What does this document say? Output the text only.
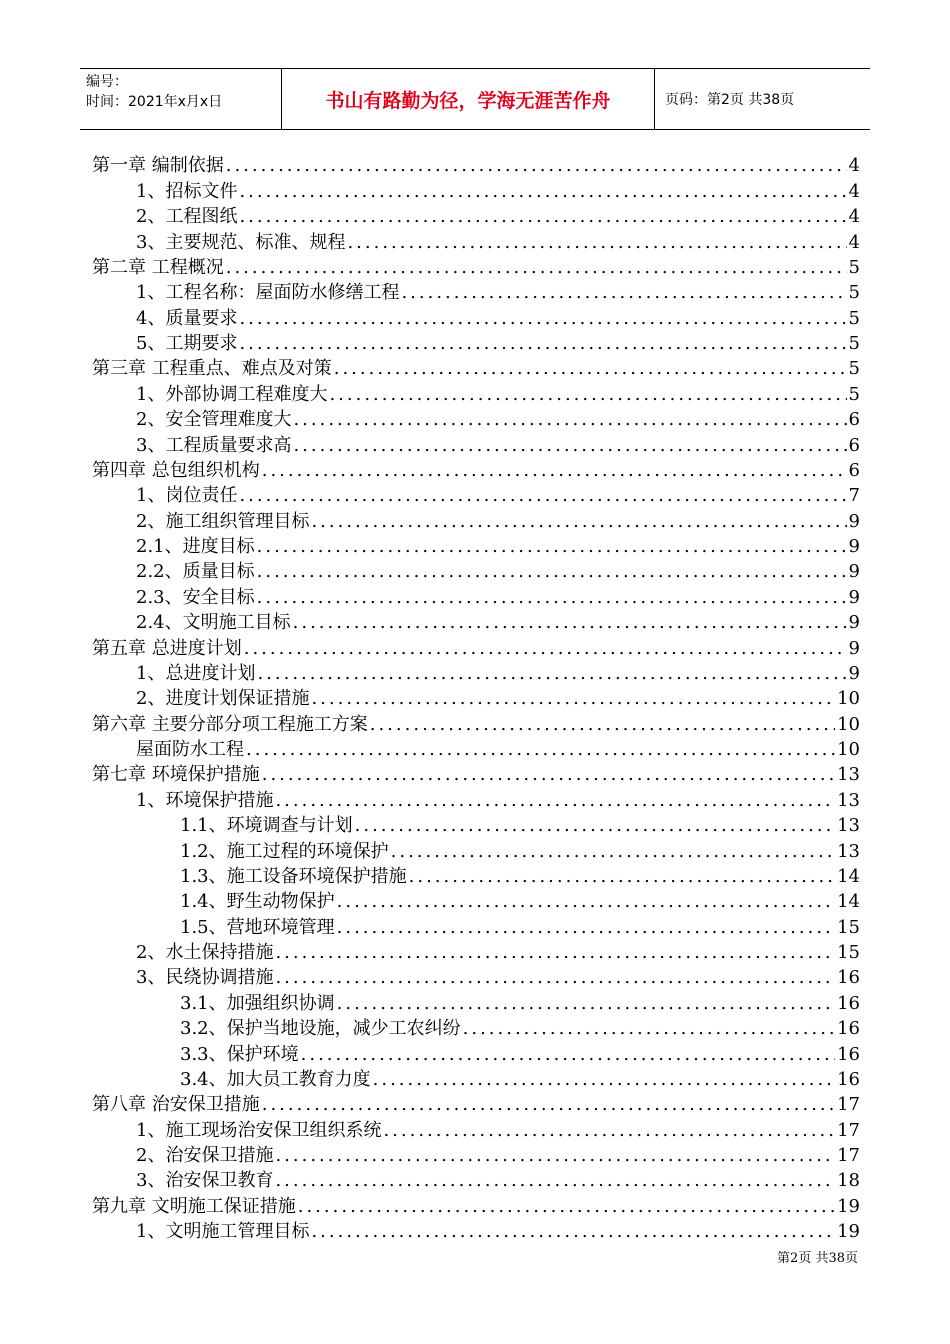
编号：
时间：2021年x月x日	书山有路勤为径，学海无涯苦作舟	页码：第2页 共38页
第一章 编制依据 .....	4
1、招标文件 .....	4
2、工程图纸 .....	4
3、主要规范、标准、规程 .....	4
第二章 工程概况 .....	5
1、工程名称：屋面防水修缮工程 .....	5
4、质量要求 .....	5
5、工期要求 .....	5
第三章 工程重点、难点及对策 .....	5
1、外部协调工程难度大 .....	5
2、安全管理难度大 .....	6
3、工程质量要求高 .....	6
第四章 总包组织机构 .....	6
1、岗位责任 .....	7
2、施工组织管理目标 .....	9
2.1、进度目标 .....	9
2.2、质量目标 .....	9
2.3、安全目标 .....	9
2.4、文明施工目标 .....	9
第五章 总进度计划 .....	9
1、总进度计划 .....	9
2、进度计划保证措施 .....	10
第六章 主要分部分项工程施工方案 .....	10
屋面防水工程 .....	10
第七章 环境保护措施 .....	13
1、环境保护措施 .....	13
1.1、环境调查与计划 .....	13
1.2、施工过程的环境保护 .....	13
1.3、施工设备环境保护措施 .....	14
1.4、野生动物保护 .....	14
1.5、营地环境管理 .....	15
2、水土保持措施 .....	15
3、民绕协调措施 .....	16
3.1、加强组织协调 .....	16
3.2、保护当地设施，减少工农纠纷 .....	16
3.3、保护环境 .....	16
3.4、加大员工教育力度 .....	16
第八章 治安保卫措施 .....	17
1、施工现场治安保卫组织系统 .....	17
2、治安保卫措施 .....	17
3、治安保卫教育 .....	18
第九章 文明施工保证措施 .....	19
1、文明施工管理目标 .....	19
第2页 共38页
